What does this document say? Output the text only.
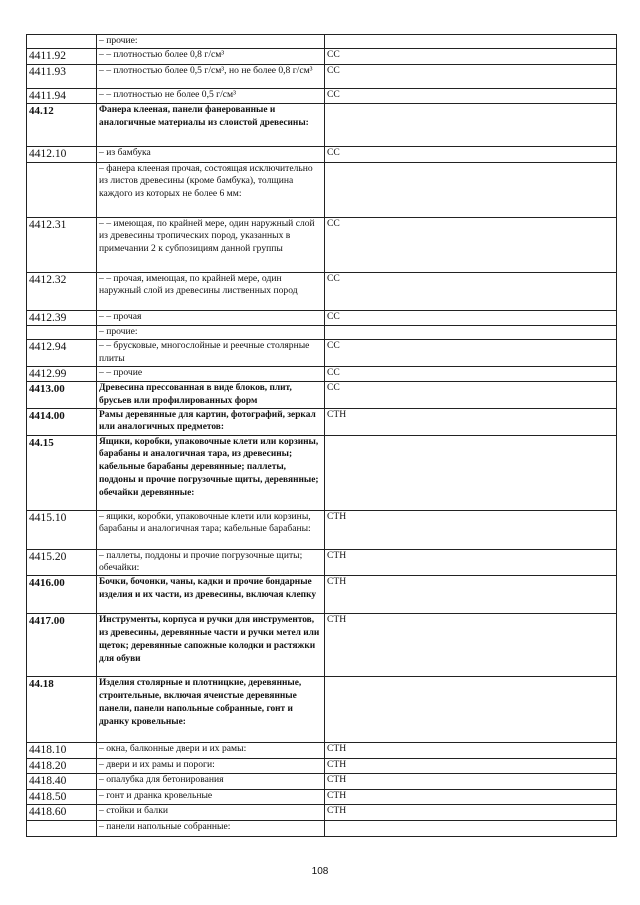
	– прочие:	
4411.92	– – плотностью более 0,8 г/см³	СС
4411.93	– – плотностью более 0,5 г/см³, но не более 0,8 г/см³	СС
4411.94	– – плотностью не более 0,5 г/см³	СС
44.12	Фанера клееная, панели фанерованные и аналогичные материалы из слоистой древесины:	
4412.10	– из бамбука	СС
	– фанера клееная прочая, состоящая исключительно из листов древесины (кроме бамбука), толщина каждого из которых не более 6 мм:	
4412.31	– – имеющая, по крайней мере, один наружный слой из древесины тропических пород, указанных в примечании 2 к субпозициям данной группы	СС
4412.32	– – прочая, имеющая, по крайней мере, один наружный слой из древесины лиственных пород	СС
4412.39	– – прочая	СС
	– прочие:	
4412.94	– – брусковые, многослойные и реечные столярные плиты	СС
4412.99	– – прочие	СС
4413.00	Древесина прессованная в виде блоков, плит, брусьев или профилированных форм	СС
4414.00	Рамы деревянные для картин, фотографий, зеркал или аналогичных предметов:	СТН
44.15	Ящики, коробки, упаковочные клети или корзины, барабаны и аналогичная тара, из древесины; кабельные барабаны деревянные; паллеты, поддоны и прочие погрузочные щиты, деревянные; обечайки деревянные:	
4415.10	– ящики, коробки, упаковочные клети или корзины, барабаны и аналогичная тара; кабельные барабаны:	СТН
4415.20	– паллеты, поддоны и прочие погрузочные щиты; обечайки:	СТН
4416.00	Бочки, бочонки, чаны, кадки и прочие бондарные изделия и их части, из древесины, включая клепку	СТН
4417.00	Инструменты, корпуса и ручки для инструментов, из древесины, деревянные части и ручки метел или щеток; деревянные сапожные колодки и растяжки для обуви	СТН
44.18	Изделия столярные и плотницкие, деревянные, строительные, включая ячеистые деревянные панели, панели напольные собранные, гонт и дранку кровельные:	
4418.10	– окна, балконные двери и их рамы:	СТН
4418.20	– двери и их рамы и пороги:	СТН
4418.40	– опалубка для бетонирования	СТН
4418.50	– гонт и дранка кровельные	СТН
4418.60	– стойки и балки	СТН
	– панели напольные собранные:	
108
